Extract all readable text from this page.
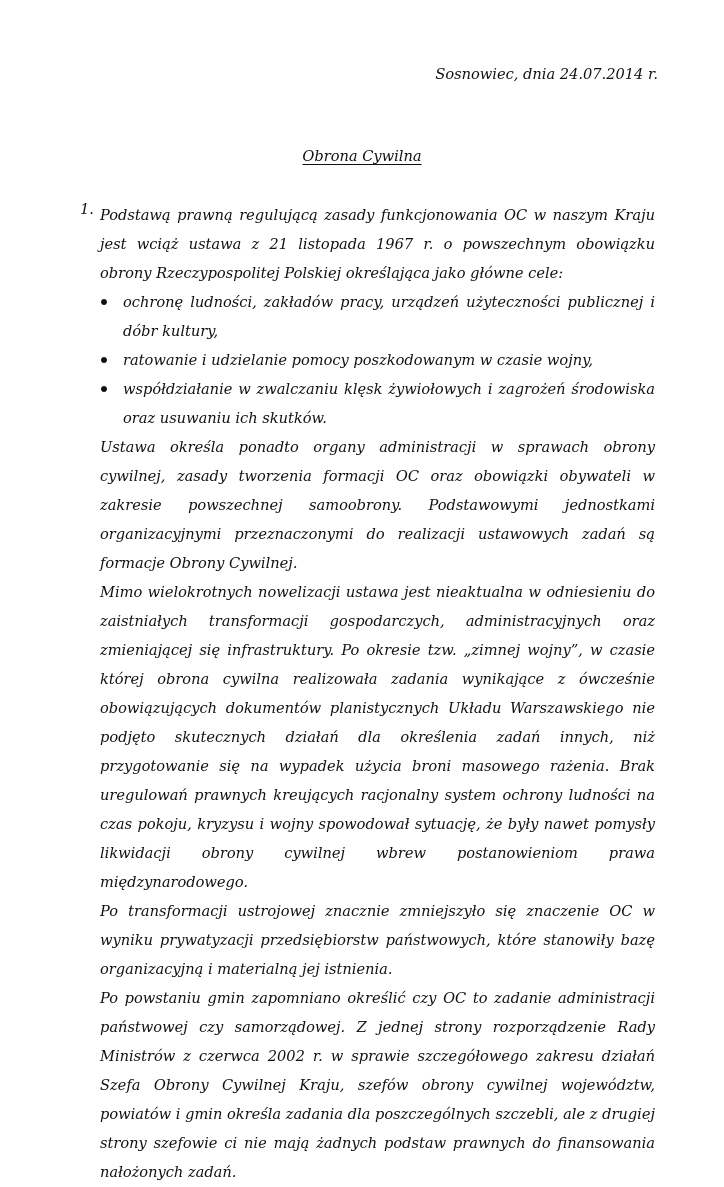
Sosnowiec, dnia 24.07.2014 r.
Obrona Cywilna
1. Podstawą prawną regulującą zasady funkcjonowania OC w naszym Kraju jest wciąż ustawa z 21 listopada 1967 r. o powszechnym obowiązku obrony Rzeczypospolitej Polskiej określająca jako główne cele:

ochronę ludności, zakładów pracy, urządzeń użyteczności publicznej i dóbr kultury,
ratowanie i udzielanie pomocy poszkodowanym w czasie wojny,
współdziałanie w zwalczaniu klęsk żywiołowych i zagrożeń środowiska oraz usuwaniu ich skutków.

Ustawa określa ponadto organy administracji w sprawach obrony cywilnej, zasady tworzenia formacji OC oraz obowiązki obywateli w zakresie powszechnej samoobrony. Podstawowymi jednostkami organizacyjnymi przeznaczonymi do realizacji ustawowych zadań są formacje Obrony Cywilnej.

Mimo wielokrotnych nowelizacji ustawa jest nieaktualna w odniesieniu do zaistniałych transformacji gospodarczych, administracyjnych oraz zmieniającej się infrastruktury. Po okresie tzw. „zimnej wojny”, w czasie której obrona cywilna realizowała zadania wynikające z ówcześnie obowiązujących dokumentów planistycznych Układu Warszawskiego nie podjęto skutecznych działań dla określenia zadań innych, niż przygotowanie się na wypadek użycia broni masowego rażenia. Brak uregulowań prawnych kreujących racjonalny system ochrony ludności na czas pokoju, kryzysu i wojny spowodował sytuację, że były nawet pomysły likwidacji obrony cywilnej wbrew postanowieniom prawa międzynarodowego.

Po transformacji ustrojowej znacznie zmniejszyło się znaczenie OC w wyniku prywatyzacji przedsiębiorstw państwowych, które stanowiły bazę organizacyjną i materialną jej istnienia.

Po powstaniu gmin zapomniano określić czy OC to zadanie administracji państwowej czy samorządowej. Z jednej strony rozporządzenie Rady Ministrów z czerwca 2002 r. w sprawie szczegółowego zakresu działań Szefa Obrony Cywilnej Kraju, szefów obrony cywilnej województw, powiatów i gmin określa zadania dla poszczególnych szczebli, ale z drugiej strony szefowie ci nie mają żadnych podstaw prawnych do finansowania nałożonych zadań.
